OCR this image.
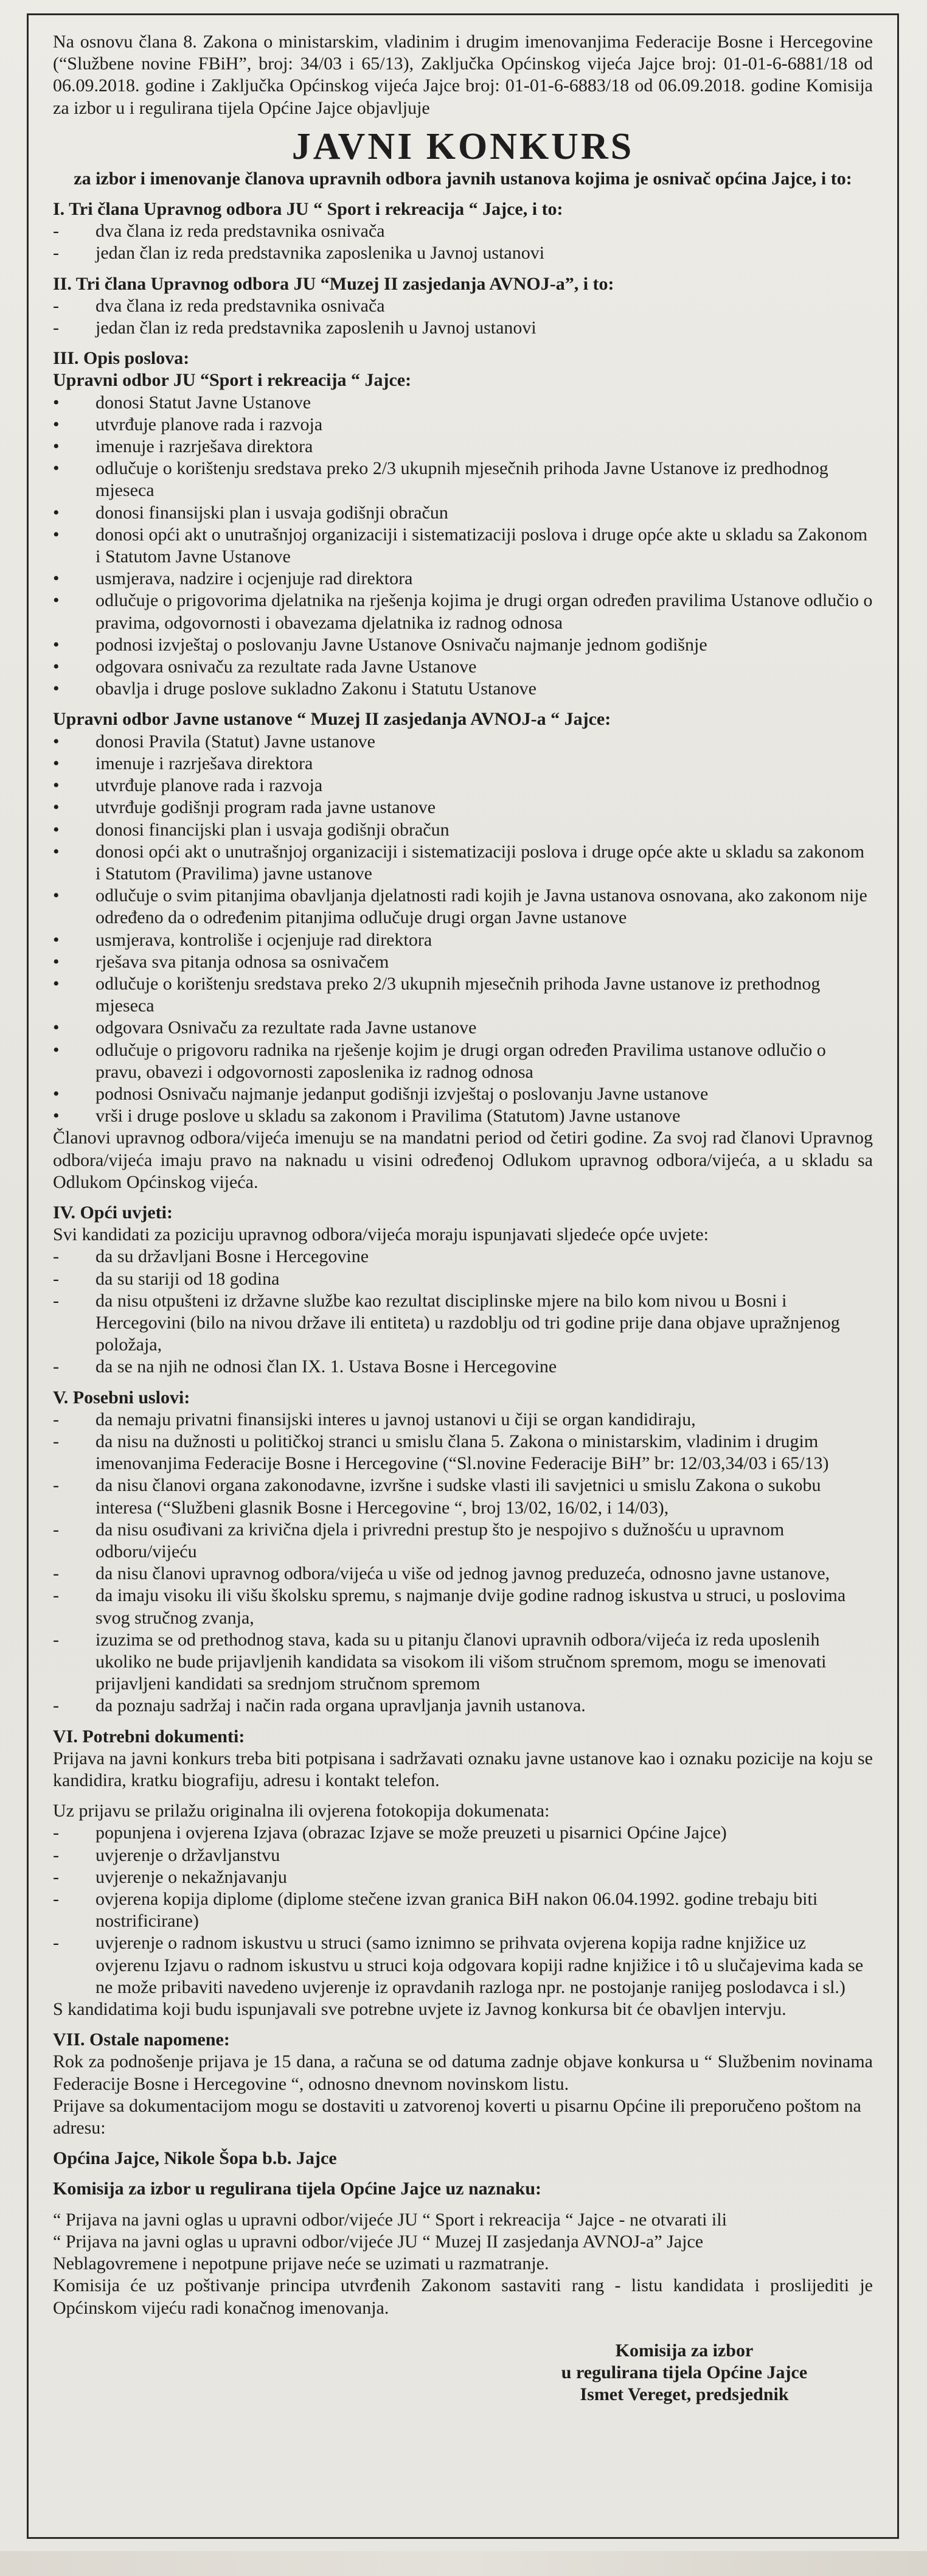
Na osnovu člana 8. Zakona o ministarskim, vladinim i drugim imenovanjima Federacije Bosne i Hercegovine (“Službene novine FBiH”, broj: 34/03 i 65/13), Zaključka Općinskog vijeća Jajce broj: 01-01-6-6881/18 od 06.09.2018. godine i Zaključka Općinskog vijeća Jajce broj: 01-01-6-6883/18 od 06.09.2018. godine Komisija za izbor u i regulirana tijela Općine Jajce objavljuje
JAVNI KONKURS
za izbor i imenovanje članova upravnih odbora javnih ustanova kojima je osnivač općina Jajce, i to:
I. Tri člana Upravnog odbora JU “ Sport i rekreacija “ Jajce, i to:
- dva člana iz reda predstavnika osnivača
- jedan član iz reda predstavnika zaposlenika u Javnoj ustanovi
II. Tri člana Upravnog odbora JU “Muzej II zasjedanja AVNOJ-a”, i to:
- dva člana iz reda predstavnika osnivača
- jedan član iz reda predstavnika zaposlenih u Javnoj ustanovi
III. Opis poslova:
Upravni odbor JU “Sport i rekreacija “ Jajce:
• donosi Statut Javne Ustanove
• utvrđuje planove rada i razvoja
• imenuje i razrješava direktora
• odlučuje o korištenju sredstava preko 2/3 ukupnih mjesečnih prihoda Javne Ustanove iz predhodnog mjeseca
• donosi finansijski plan i usvaja godišnji obračun
• donosi opći akt o unutrašnjoj organizaciji i sistematizaciji poslova i druge opće akte u skladu sa Zakonom i Statutom Javne Ustanove
• usmjerava, nadzire i ocjenjuje rad direktora
• odlučuje o prigovorima djelatnika na rješenja kojima je drugi organ određen pravilima Ustanove odlučio o pravima, odgovornosti i obavezama djelatnika iz radnog odnosa
• podnosi izvještaj o poslovanju Javne Ustanove Osnivaču najmanje jednom godišnje
• odgovara osnivaču za rezultate rada Javne Ustanove
• obavlja i druge poslove sukladno Zakonu i Statutu Ustanove
Upravni odbor Javne ustanove “ Muzej II zasjedanja AVNOJ-a “ Jajce:
• donosi Pravila (Statut) Javne ustanove
• imenuje i razrješava direktora
• utvrđuje planove rada i razvoja
• utvrđuje godišnji program rada javne ustanove
• donosi financijski plan i usvaja godišnji obračun
• donosi opći akt o unutrašnjoj organizaciji i sistematizaciji poslova i druge opće akte u skladu sa zakonom i Statutom (Pravilima) javne ustanove
• odlučuje o svim pitanjima obavljanja djelatnosti radi kojih je Javna ustanova osnovana, ako zakonom nije određeno da o određenim pitanjima odlučuje drugi organ Javne ustanove
• usmjerava, kontroliše i ocjenjuje rad direktora
• rješava sva pitanja odnosa sa osnivačem
• odlučuje o korištenju sredstava preko 2/3 ukupnih mjesečnih prihoda Javne ustanove iz prethodnog mjeseca
• odgovara Osnivaču za rezultate rada Javne ustanove
• odlučuje o prigovoru radnika na rješenje kojim je drugi organ određen Pravilima ustanove odlučio o pravu, obavezi i odgovornosti zaposlenika iz radnog odnosa
• podnosi Osnivaču najmanje jedanput godišnji izvještaj o poslovanju Javne ustanove
• vrši i druge poslove u skladu sa zakonom i Pravilima (Statutom) Javne ustanove
Članovi upravnog odbora/vijeća imenuju se na mandatni period od četiri godine. Za svoj rad članovi Upravnog odbora/vijeća imaju pravo na naknadu u visini određenoj Odlukom upravnog odbora/vijeća, a u skladu sa Odlukom Općinskog vijeća.
IV. Opći uvjeti:
Svi kandidati za poziciju upravnog odbora/vijeća moraju ispunjavati sljedeće opće uvjete:
- da su državljani Bosne i Hercegovine
- da su stariji od 18 godina
- da nisu otpušteni iz državne službe kao rezultat disciplinske mjere na bilo kom nivou u Bosni i Hercegovini (bilo na nivou države ili entiteta) u razdoblju od tri godine prije dana objave upražnjenog položaja,
- da se na njih ne odnosi član IX. 1. Ustava Bosne i Hercegovine
V. Posebni uslovi:
- da nemaju privatni finansijski interes u javnoj ustanovi u čiji se organ kandidiraju,
- da nisu na dužnosti u političkoj stranci u smislu člana 5. Zakona o ministarskim, vladinim i drugim imenovanjima Federacije Bosne i Hercegovine (“Sl.novine Federacije BiH” br: 12/03,34/03 i 65/13)
- da nisu članovi organa zakonodavne, izvršne i sudske vlasti ili savjetnici u smislu Zakona o sukobu interesa (“Službeni glasnik Bosne i Hercegovine “, broj 13/02, 16/02, i 14/03),
- da nisu osuđivani za krivična djela i privredni prestup što je nespojivo s dužnošću u upravnom odboru/vijeću
- da nisu članovi upravnog odbora/vijeća u više od jednog javnog preduzeća, odnosno javne ustanove,
- da imaju visoku ili višu školsku spremu, s najmanje dvije godine radnog iskustva u struci, u poslovima svog stručnog zvanja,
- izuzima se od prethodnog stava, kada su u pitanju članovi upravnih odbora/vijeća iz reda uposlenih ukoliko ne bude prijavljenih kandidata sa visokom ili višom stručnom spremom, mogu se imenovati prijavljeni kandidati sa srednjom stručnom spremom
- da poznaju sadržaj i način rada organa upravljanja javnih ustanova.
VI. Potrebni dokumenti:
Prijava na javni konkurs treba biti potpisana i sadržavati oznaku javne ustanove kao i oznaku pozicije na koju se kandidira, kratku biografiju, adresu i kontakt telefon.
Uz prijavu se prilažu originalna ili ovjerena fotokopija dokumenata:
- popunjena i ovjerena Izjava (obrazac Izjave se može preuzeti u pisarnici Općine Jajce)
- uvjerenje o državljanstvu
- uvjerenje o nekažnjavanju
- ovjerena kopija diplome (diplome stečene izvan granica BiH nakon 06.04.1992. godine trebaju biti nostrificirane)
- uvjerenje o radnom iskustvu u struci (samo iznimno se prihvata ovjerena kopija radne knjižice uz ovjerenu Izjavu o radnom iskustvu u struci koja odgovara kopiji radne knjižice i tô u slučajevima kada se ne može pribaviti navedeno uvjerenje iz opravdanih razloga npr. ne postojanje ranijeg poslodavca i sl.)
S kandidatima koji budu ispunjavali sve potrebne uvjete iz Javnog konkursa bit će obavljen intervju.
VII. Ostale napomene:
Rok za podnošenje prijava je 15 dana, a računa se od datuma zadnje objave konkursa u “ Službenim novinama Federacije Bosne i Hercegovine “, odnosno dnevnom novinskom listu.
Prijave sa dokumentacijom mogu se dostaviti u zatvorenoj koverti u pisarnu Općine ili preporučeno poštom na adresu:
Općina Jajce, Nikole Šopa b.b. Jajce
Komisija za izbor u regulirana tijela Općine Jajce uz naznaku:
“ Prijava na javni oglas u upravni odbor/vijeće JU “ Sport i rekreacija “ Jajce - ne otvarati ili
“ Prijava na javni oglas u upravni odbor/vijeće JU “ Muzej II zasjedanja AVNOJ-a” Jajce
Neblagovremene i nepotpune prijave neće se uzimati u razmatranje.
Komisija će uz poštivanje principa utvrđenih Zakonom sastaviti rang - listu kandidata i proslijediti je Općinskom vijeću radi konačnog imenovanja.
Komisija za izbor
u regulirana tijela Općine Jajce
Ismet Vereget, predsjednik
